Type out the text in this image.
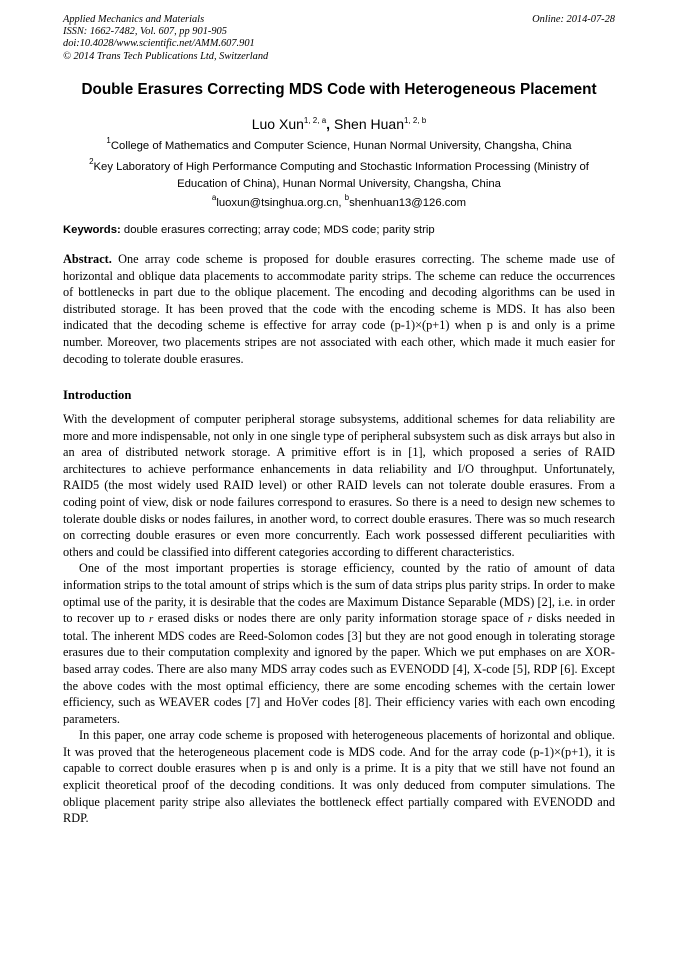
Applied Mechanics and Materials
ISSN: 1662-7482, Vol. 607, pp 901-905
doi:10.4028/www.scientific.net/AMM.607.901
© 2014 Trans Tech Publications Ltd, Switzerland
Online: 2014-07-28
Double Erasures Correcting MDS Code with Heterogeneous Placement
Luo Xun$^{1, 2, a}$, Shen Huan$^{1, 2, b}$
$^1$College of Mathematics and Computer Science, Hunan Normal University, Changsha, China
$^2$Key Laboratory of High Performance Computing and Stochastic Information Processing (Ministry of Education of China), Hunan Normal University, Changsha, China
$^a$luoxun@tsinghua.org.cn, $^b$shenhuan13@126.com
Keywords: double erasures correcting; array code; MDS code; parity strip
Abstract. One array code scheme is proposed for double erasures correcting. The scheme made use of horizontal and oblique data placements to accommodate parity strips. The scheme can reduce the occurrences of bottlenecks in part due to the oblique placement. The encoding and decoding algorithms can be used in distributed storage. It has been proved that the code with the encoding scheme is MDS. It has also been indicated that the decoding scheme is effective for array code (p-1)×(p+1) when p is and only is a prime number. Moreover, two placements stripes are not associated with each other, which made it much easier for decoding to tolerate double erasures.
Introduction

With the development of computer peripheral storage subsystems, additional schemes for data reliability are more and more indispensable, not only in one single type of peripheral subsystem such as disk arrays but also in an area of distributed network storage. A primitive effort is in [1], which proposed a series of RAID architectures to achieve performance enhancements in data reliability and I/O throughput. Unfortunately, RAID5 (the most widely used RAID level) or other RAID levels can not tolerate double erasures. From a coding point of view, disk or node failures correspond to erasures. So there is a need to design new schemes to tolerate double disks or nodes failures, in another word, to correct double erasures. There was so much research on correcting double erasures or even more concurrently. Each work possessed different peculiarities with others and could be classified into different categories according to different characteristics.

One of the most important properties is storage efficiency, counted by the ratio of amount of data information strips to the total amount of strips which is the sum of data strips plus parity strips. In order to make optimal use of the parity, it is desirable that the codes are Maximum Distance Separable (MDS) [2], i.e. in order to recover up to r erased disks or nodes there are only parity information storage space of r disks needed in total. The inherent MDS codes are Reed-Solomon codes [3] but they are not good enough in tolerating storage erasures due to their computation complexity and ignored by the paper. Which we put emphases on are XOR-based array codes. There are also many MDS array codes such as EVENODD [4], X-code [5], RDP [6]. Except the above codes with the most optimal efficiency, there are some encoding schemes with the certain lower efficiency, such as WEAVER codes [7] and HoVer codes [8]. Their efficiency varies with each own encoding parameters.

In this paper, one array code scheme is proposed with heterogeneous placements of horizontal and oblique. It was proved that the heterogeneous placement code is MDS code. And for the array code (p-1)×(p+1), it is capable to correct double erasures when p is and only is a prime. It is a pity that we still have not found an explicit theoretical proof of the decoding conditions. It was only deduced from computer simulations. The oblique placement parity stripe also alleviates the bottleneck effect partially compared with EVENODD and RDP.
